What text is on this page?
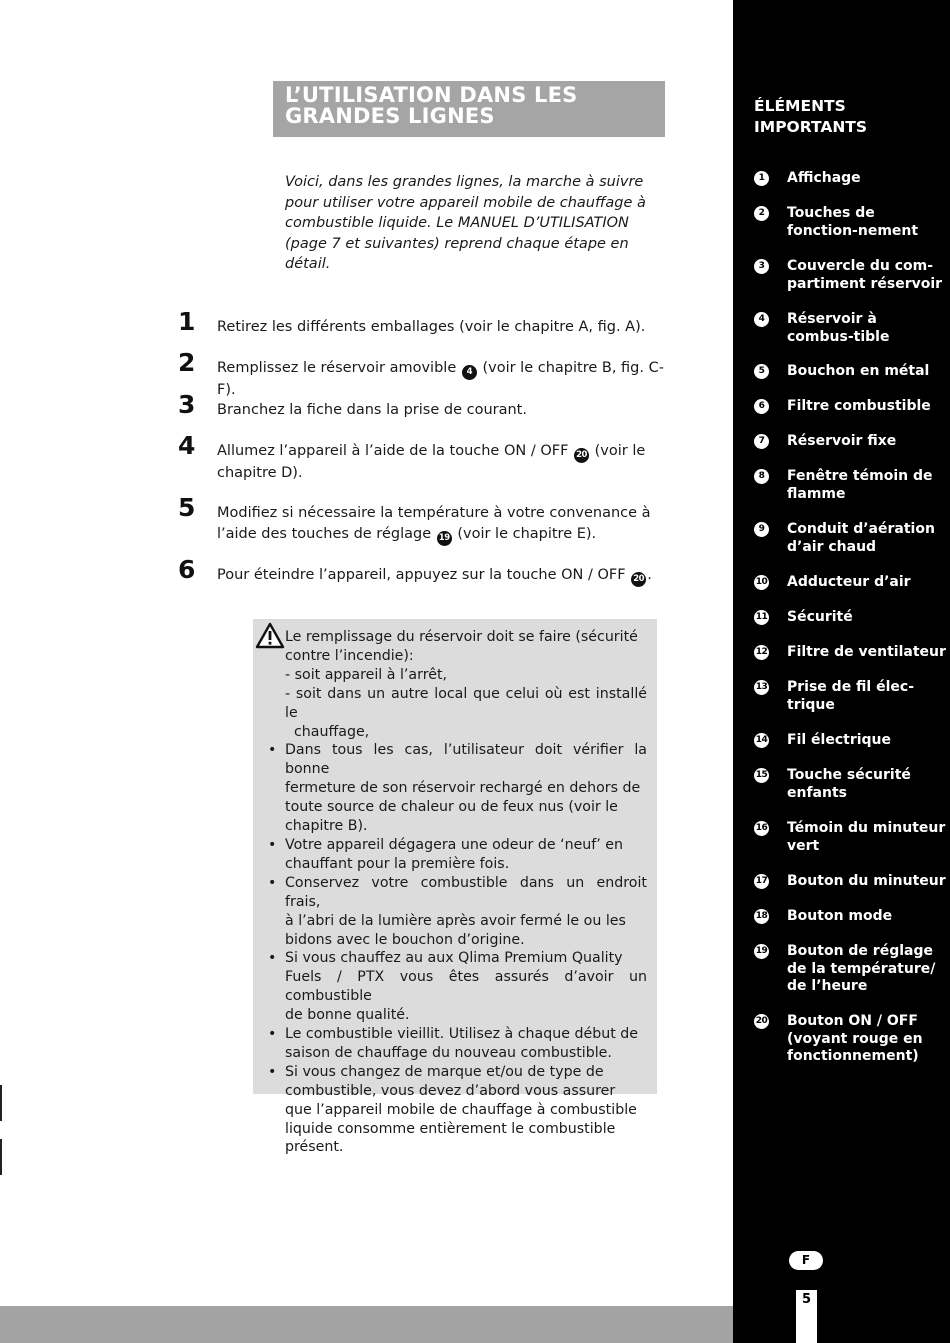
L’UTILISATION DANS LES
GRANDES LIGNES

Voici, dans les grandes lignes, la marche à suivre pour utiliser votre appareil mobile de chauffage à combustible liquide. Le MANUEL D’UTILISATION (page 7 et suivantes) reprend chaque étape en détail.

1 Retirez les différents emballages (voir le chapitre A, fig. A).
2 Remplissez le réservoir amovible 4 (voir le chapitre B, fig. C-F).
3 Branchez la fiche dans la prise de courant.
4 Allumez l’appareil à l’aide de la touche ON / OFF 20 (voir le
chapitre D).
5 Modifiez si nécessaire la température à votre convenance à
l’aide des touches de réglage 19 (voir le chapitre E).
6 Pour éteindre l’appareil, appuyez sur la touche ON / OFF 20 .
Le remplissage du réservoir doit se faire (sécurité
contre l’incendie):
- soit appareil à l’arrêt,
- soit dans un autre local que celui où est installé le
chauffage,
• Dans tous les cas, l’utilisateur doit vérifier la bonne
fermeture de son réservoir rechargé en dehors de
toute source de chaleur ou de feux nus (voir le
chapitre B).
• Votre appareil dégagera une odeur de ‘neuf’ en
chauffant pour la première fois.
• Conservez votre combustible dans un endroit frais,
à l’abri de la lumière après avoir fermé le ou les
bidons avec le bouchon d’origine.
• Si vous chauffez au aux Qlima Premium Quality
Fuels / PTX vous êtes assurés d’avoir un combustible
de bonne qualité.
• Le combustible vieillit. Utilisez à chaque début de
saison de chauffage du nouveau combustible.
• Si vous changez de marque et/ou de type de
combustible, vous devez d’abord vous assurer
que l’appareil mobile de chauffage à combustible
liquide consomme entièrement le combustible
présent.
ÉLÉMENTS IMPORTANTS
1	Affichage
2	Touches de fonction-nement
3	Couvercle du com-partiment réservoir
4	Réservoir à combus-tible
5	Bouchon en métal
6	Filtre combustible
7	Réservoir fixe
8	Fenêtre témoin de flamme
9	Conduit d’aération d’air chaud
10 Adducteur d’air
11 Sécurité
12 Filtre de ventilateur
13 Prise de fil élec-trique
14 Fil électrique
15 Touche sécurité enfants
16 Témoin du minuteur vert
17 Bouton du minuteur
18 Bouton mode
19 Bouton de réglage de la température/ de l’heure
20 Bouton ON / OFF (voyant rouge en fonctionnement)
F
5
